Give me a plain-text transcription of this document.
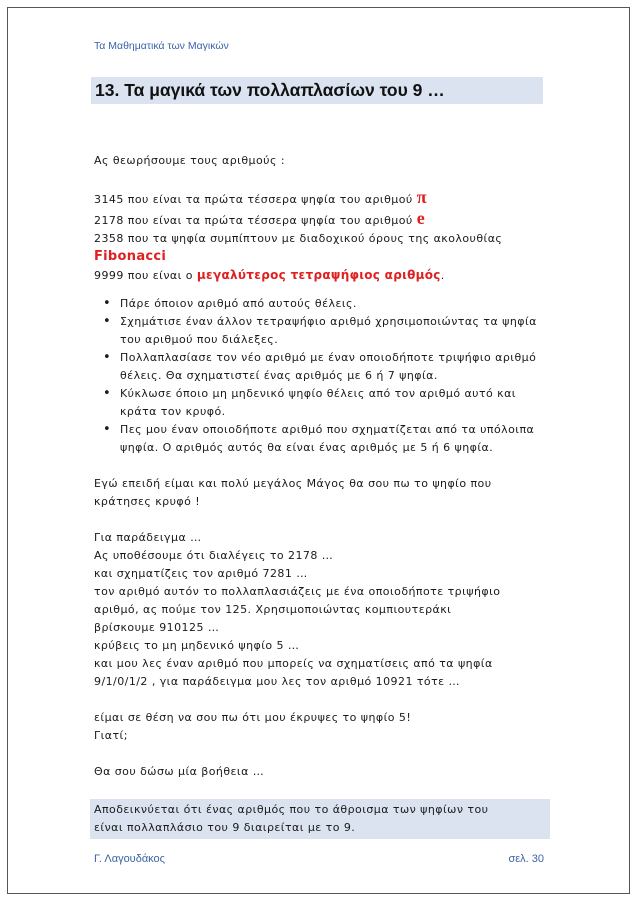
Τα Μαθηματικά των Μαγικών
13. Τα μαγικά των πολλαπλασίων του 9 …

Ας θεωρήσουμε τους αριθμούς :

3145 που είναι τα πρώτα τέσσερα ψηφία του αριθμού π

2178 που είναι τα πρώτα τέσσερα ψηφία του αριθμού e

2358 που τα ψηφία συμπίπτουν με διαδοχικού όρους της ακολουθίας

Fibonacci

9999 που είναι ο μεγαλύτερος τετραψήφιος αριθμός.

• Πάρε όποιον αριθμό από αυτούς θέλεις.
• Σχημάτισε έναν άλλον τετραψήφιο αριθμό χρησιμοποιώντας τα ψηφία του αριθμού που διάλεξες.
• Πολλαπλασίασε τον νέο αριθμό με έναν οποιοδήποτε τριψήφιο αριθμό θέλεις. Θα σχηματιστεί ένας αριθμός με 6 ή 7 ψηφία.
• Κύκλωσε όποιο μη μηδενικό ψηφίο θέλεις από τον αριθμό αυτό και κράτα τον κρυφό.
• Πες μου έναν οποιοδήποτε αριθμό που σχηματίζεται από τα υπόλοιπα ψηφία. Ο αριθμός αυτός θα είναι ένας αριθμός με 5 ή 6 ψηφία.

Εγώ επειδή είμαι και πολύ μεγάλος Μάγος θα σου πω το ψηφίο που

κράτησες κρυφό !

Για παράδειγμα …

Ας υποθέσουμε ότι διαλέγεις το 2178 …

και σχηματίζεις τον αριθμό 7281 …

τον αριθμό αυτόν το πολλαπλασιάζεις με ένα οποιοδήποτε τριψήφιο

αριθμό, ας πούμε τον 125. Χρησιμοποιώντας κομπιουτεράκι

βρίσκουμε 910125 …

κρύβεις το μη μηδενικό ψηφίο 5 …

και μου λες έναν αριθμό που μπορείς να σχηματίσεις από τα ψηφία

9/1/0/1/2 , για παράδειγμα μου λες τον αριθμό 10921 τότε …

είμαι σε θέση να σου πω ότι μου έκρυψες το ψηφίο 5!

Γιατί;

Θα σου δώσω μία βοήθεια …

Αποδεικνύεται ότι ένας αριθμός που το άθροισμα των ψηφίων του

είναι πολλαπλάσιο του 9 διαιρείται με το 9.

Γ. Λαγουδάκος	σελ. 30
